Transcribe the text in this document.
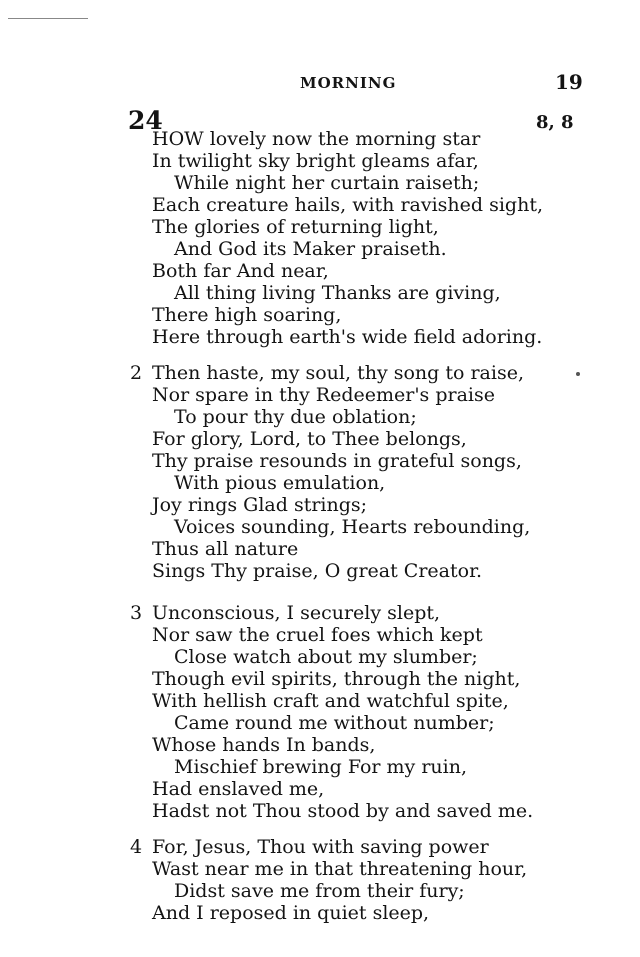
MORNING	19
24	8, 8
HOW lovely now the morning star
In twilight sky bright gleams afar,
While night her curtain raiseth;
Each creature hails, with ravished sight,
The glories of returning light,
And God its Maker praiseth.
Both far And near,
All thing living Thanks are giving,
There high soaring,
Here through earth's wide field adoring.
2 Then haste, my soul, thy song to raise,
Nor spare in thy Redeemer's praise
To pour thy due oblation;
For glory, Lord, to Thee belongs,
Thy praise resounds in grateful songs,
With pious emulation,
Joy rings Glad strings;
Voices sounding, Hearts rebounding,
Thus all nature
Sings Thy praise, O great Creator.
3 Unconscious, I securely slept,
Nor saw the cruel foes which kept
Close watch about my slumber;
Though evil spirits, through the night,
With hellish craft and watchful spite,
Came round me without number;
Whose hands In bands,
Mischief brewing For my ruin,
Had enslaved me,
Hadst not Thou stood by and saved me.
4 For, Jesus, Thou with saving power
Wast near me in that threatening hour,
Didst save me from their fury;
And I reposed in quiet sleep,
